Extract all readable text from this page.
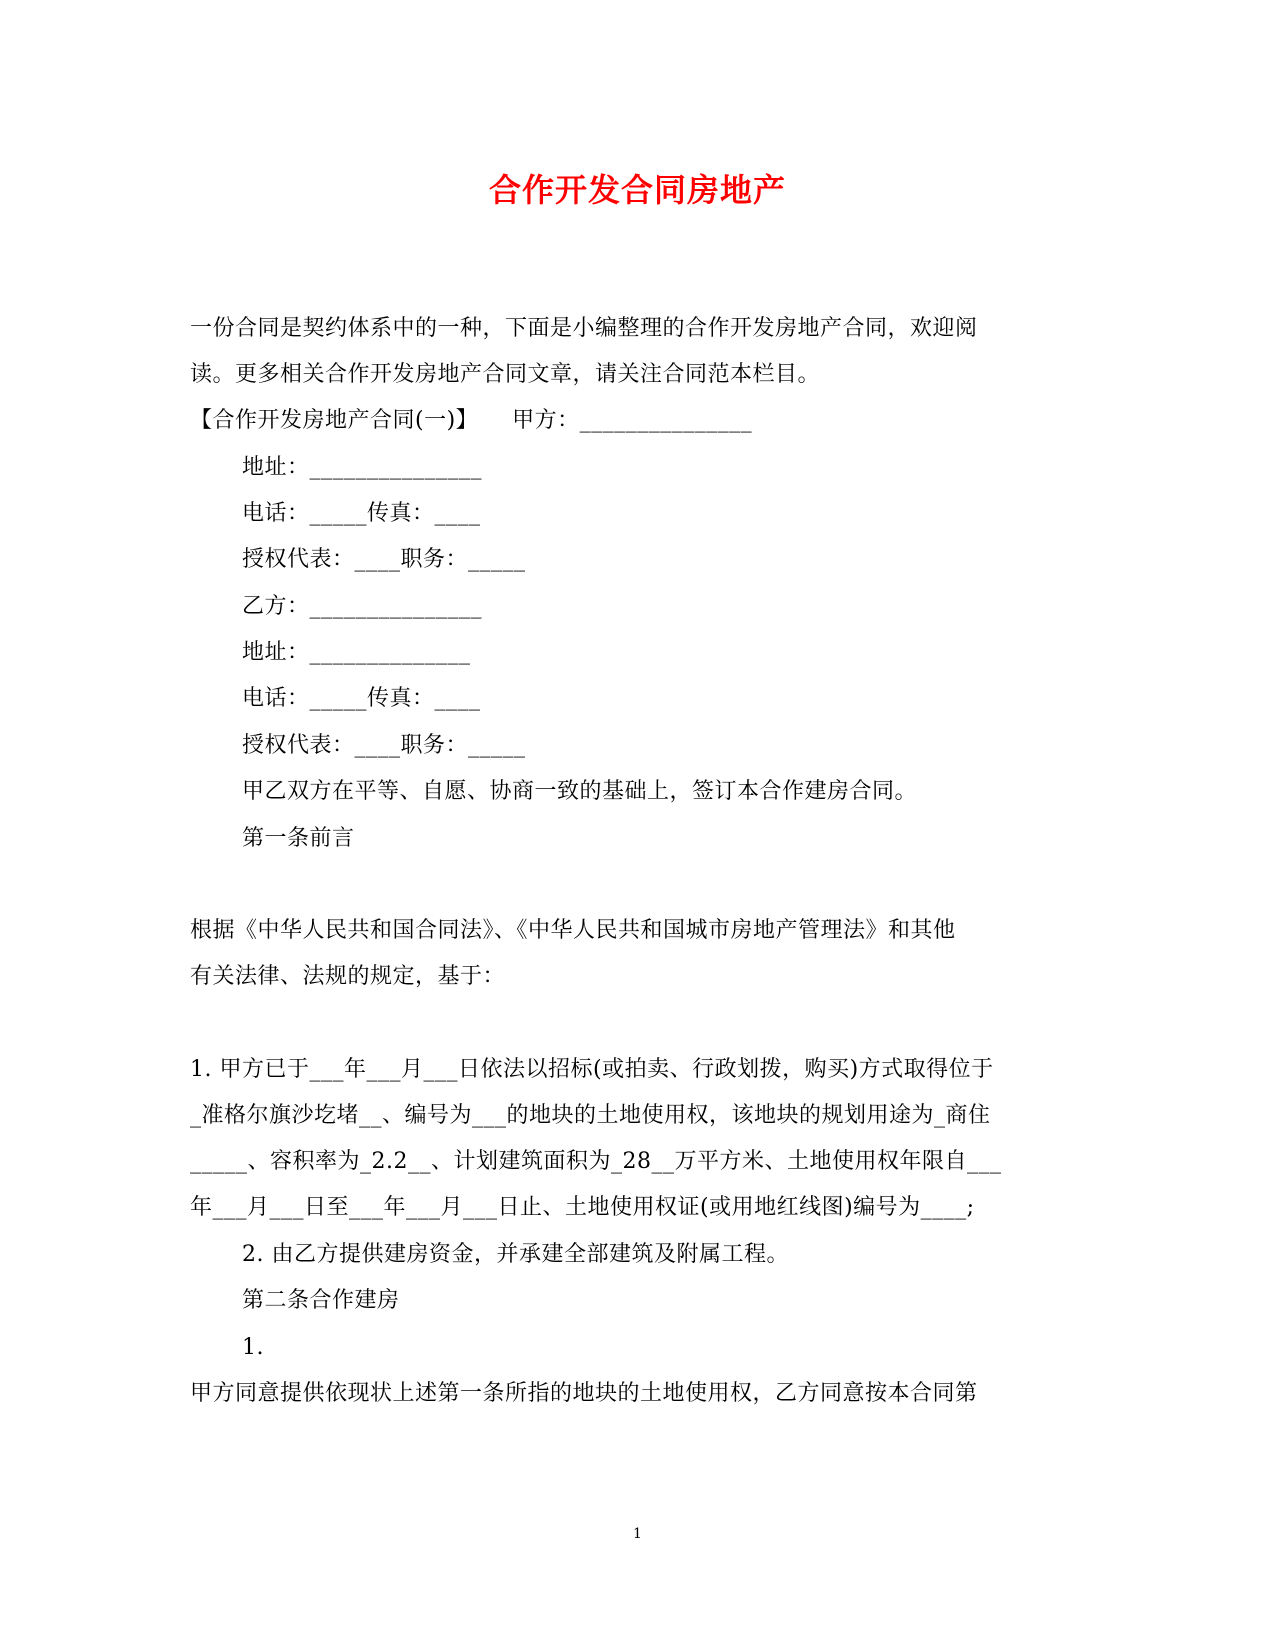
合作开发合同房地产
一份合同是契约体系中的一种，下面是小编整理的合作开发房地产合同，欢迎阅
读。更多相关合作开发房地产合同文章，请关注合同范本栏目。
【合作开发房地产合同(一)】　　甲方：_______________
地址：_______________
电话：_____传真：____
授权代表：____职务：_____
乙方：_______________
地址：______________
电话：_____传真：____
授权代表：____职务：_____
甲乙双方在平等、自愿、协商一致的基础上，签订本合作建房合同。
第一条前言
根据《中华人民共和国合同法》、《中华人民共和国城市房地产管理法》和其他
有关法律、法规的规定，基于：
1. 甲方已于___年___月___日依法以招标(或拍卖、行政划拨，购买)方式取得位于
_准格尔旗沙圪堵__、编号为___的地块的土地使用权，该地块的规划用途为_商住
_____、容积率为_2.2__、计划建筑面积为_28__万平方米、土地使用权年限自___
年___月___日至___年___月___日止、土地使用权证(或用地红线图)编号为____;
2. 由乙方提供建房资金，并承建全部建筑及附属工程。
第二条合作建房
1.
甲方同意提供依现状上述第一条所指的地块的土地使用权，乙方同意按本合同第
1
